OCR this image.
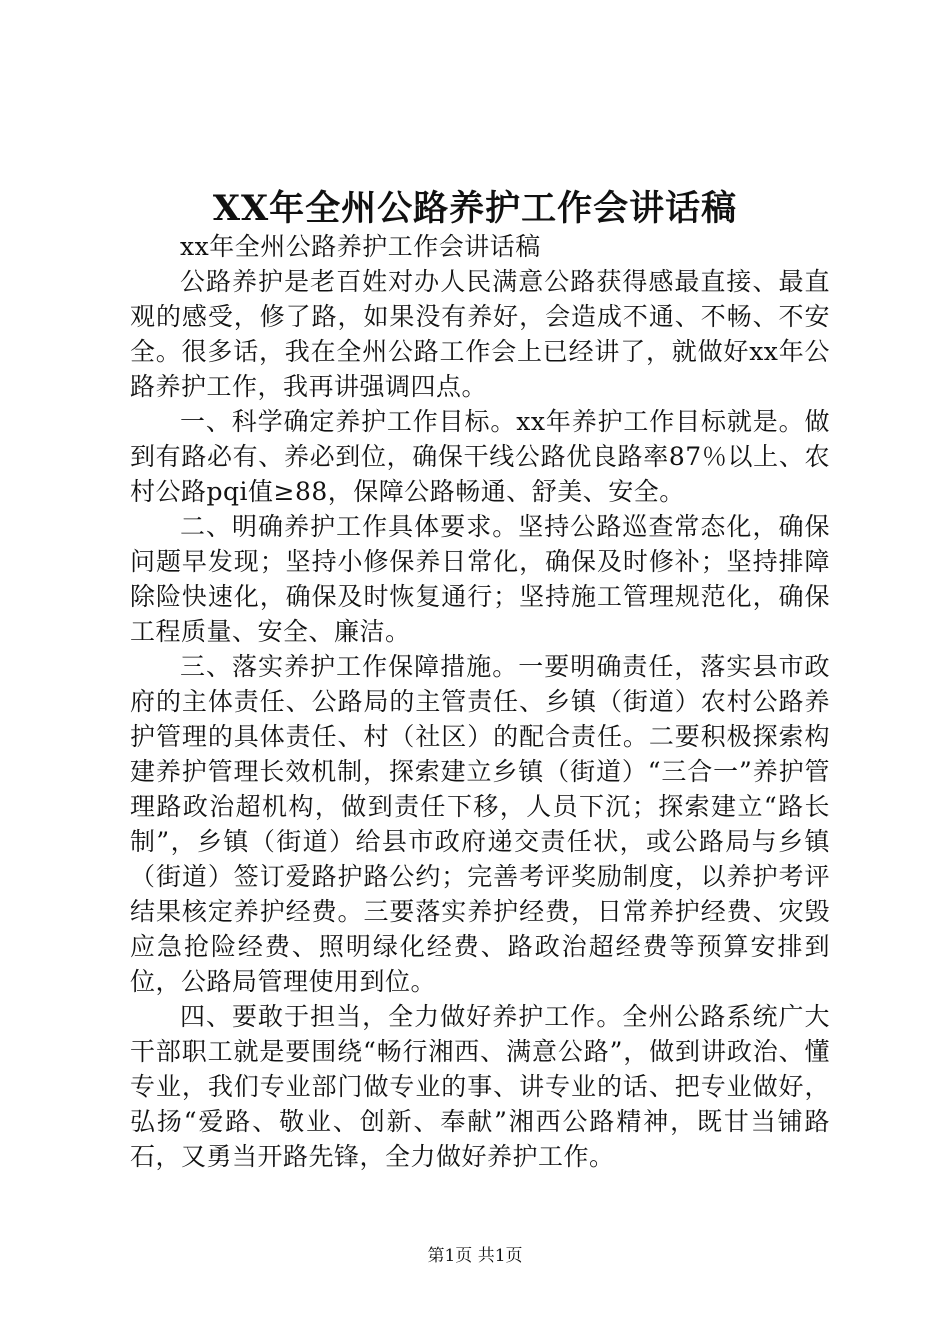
XX年全州公路养护工作会讲话稿

xx年全州公路养护工作会讲话稿

公路养护是老百姓对办人民满意公路获得感最直接、最直观的感受，修了路，如果没有养好，会造成不通、不畅、不安全。很多话，我在全州公路工作会上已经讲了，就做好xx年公路养护工作，我再讲强调四点。

一、科学确定养护工作目标。xx年养护工作目标就是。做到有路必有、养必到位，确保干线公路优良路率87％以上、农村公路pqi值≥88，保障公路畅通、舒美、安全。

二、明确养护工作具体要求。坚持公路巡查常态化，确保问题早发现；坚持小修保养日常化，确保及时修补；坚持排障除险快速化，确保及时恢复通行；坚持施工管理规范化，确保工程质量、安全、廉洁。

三、落实养护工作保障措施。一要明确责任，落实县市政府的主体责任、公路局的主管责任、乡镇（街道）农村公路养护管理的具体责任、村（社区）的配合责任。二要积极探索构建养护管理长效机制，探索建立乡镇（街道）“三合一”养护管理路政治超机构，做到责任下移，人员下沉；探索建立“路长制”，乡镇（街道）给县市政府递交责任状，或公路局与乡镇（街道）签订爱路护路公约；完善考评奖励制度，以养护考评结果核定养护经费。三要落实养护经费，日常养护经费、灾毁应急抢险经费、照明绿化经费、路政治超经费等预算安排到位，公路局管理使用到位。

四、要敢于担当，全力做好养护工作。全州公路系统广大干部职工就是要围绕“畅行湘西、满意公路”，做到讲政治、懂专业，我们专业部门做专业的事、讲专业的话、把专业做好，弘扬“爱路、敬业、创新、奉献”湘西公路精神，既甘当铺路石，又勇当开路先锋，全力做好养护工作。

第1页 共1页
